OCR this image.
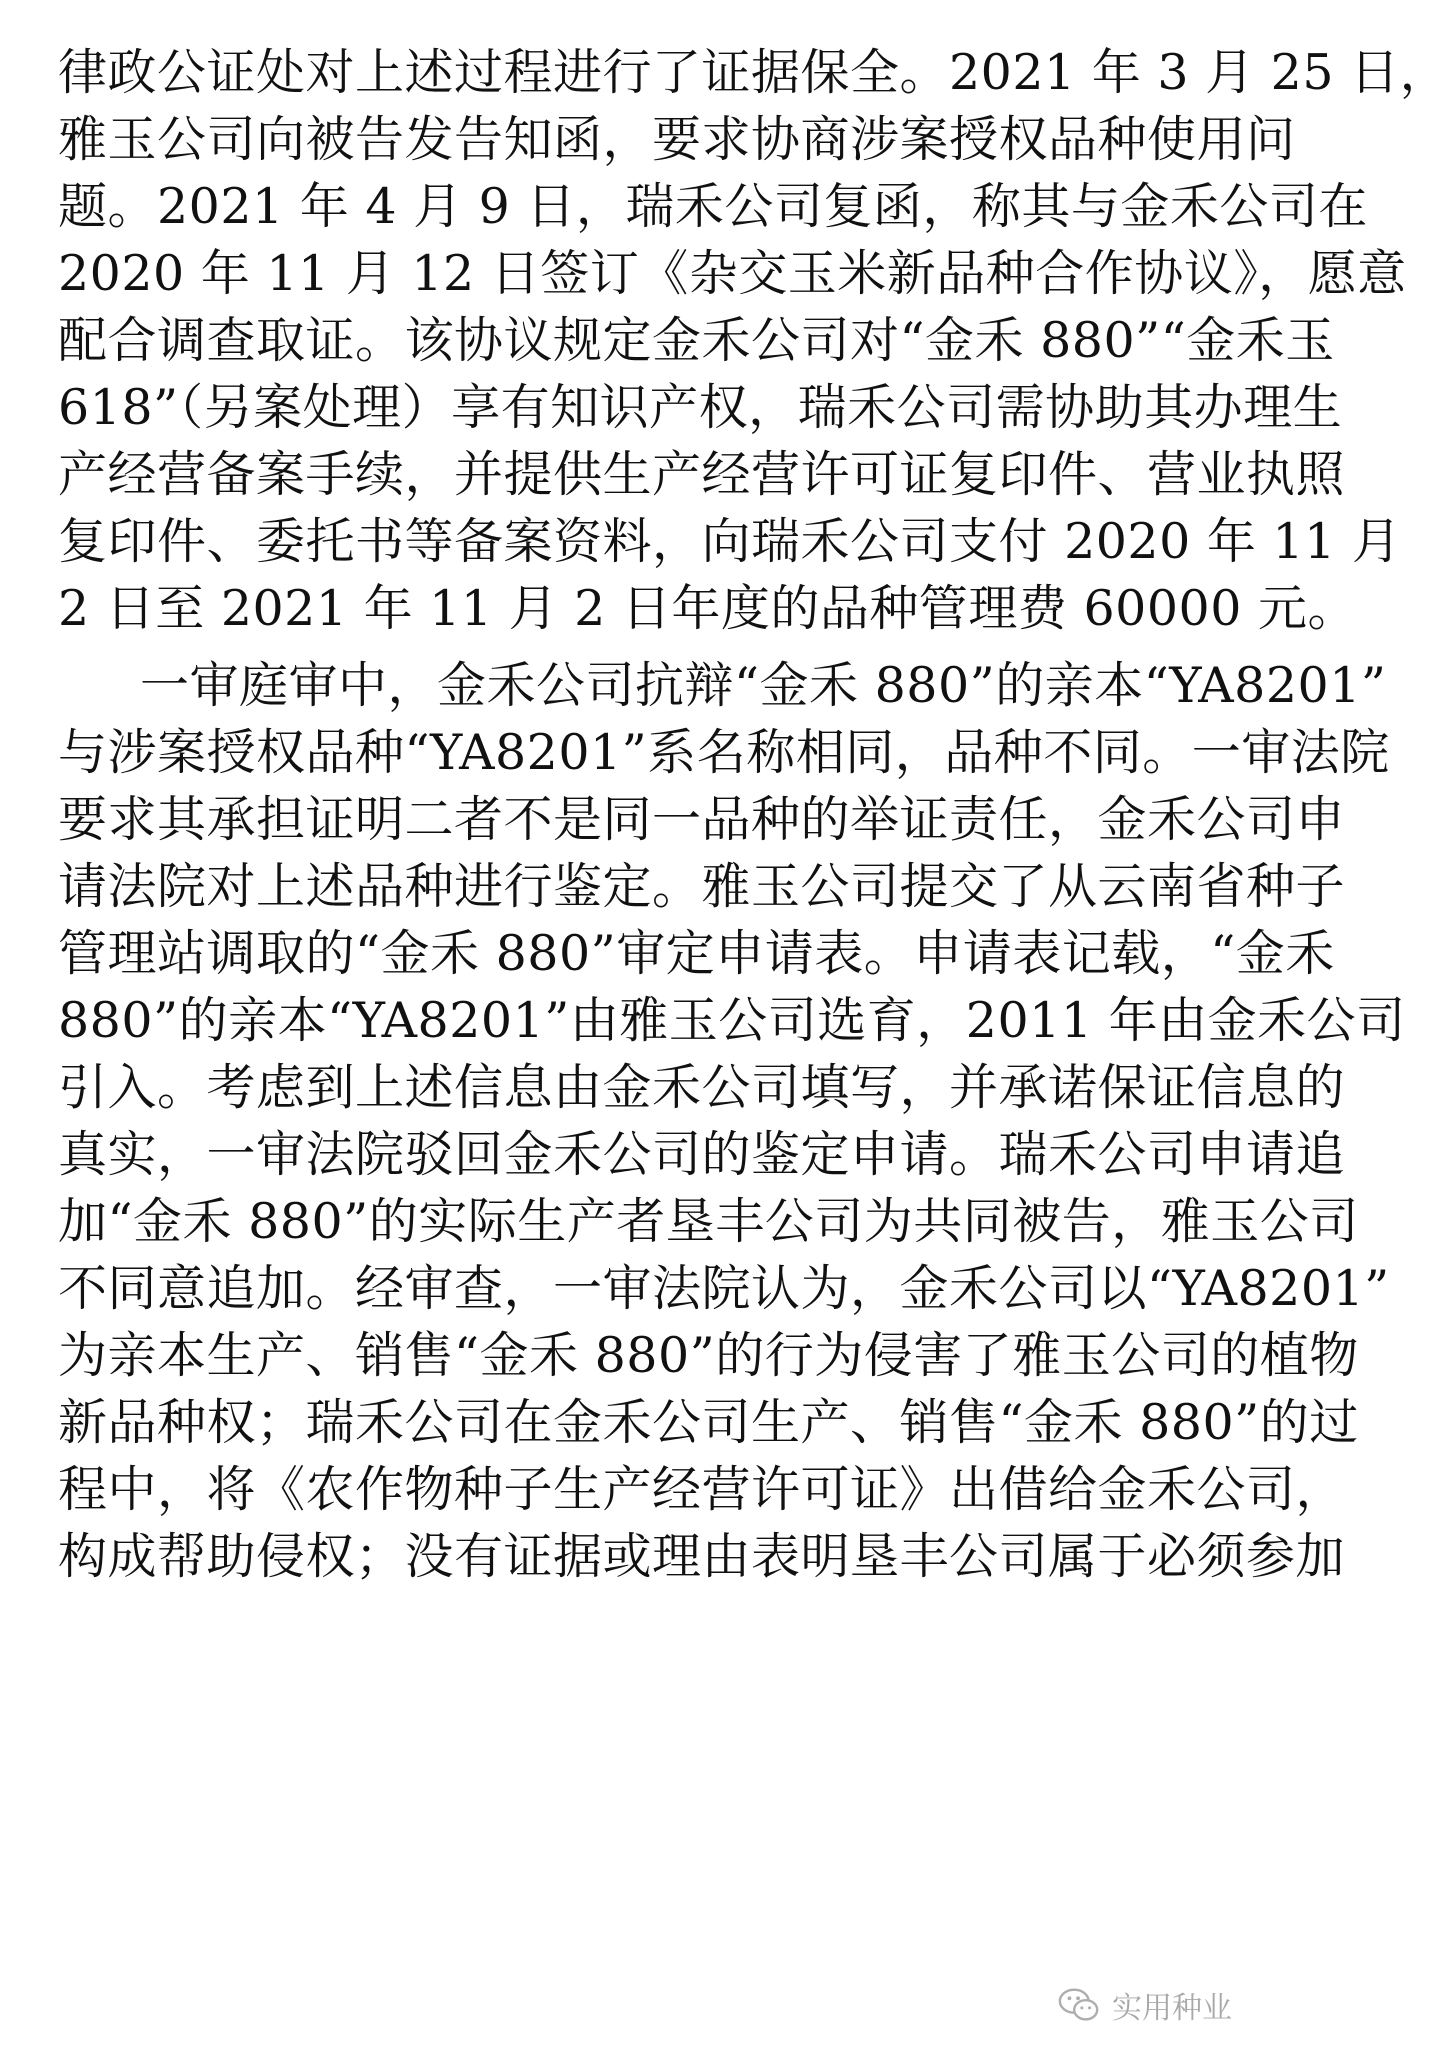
律政公证处对上述过程进行了证据保全。2021 年 3 月 25 日，
雅玉公司向被告发告知函，要求协商涉案授权品种使用问
题。2021 年 4 月 9 日，瑞禾公司复函，称其与金禾公司在
2020 年 11 月 12 日签订《杂交玉米新品种合作协议》，愿意
配合调查取证。该协议规定金禾公司对“金禾 880”“金禾玉
618”（另案处理）享有知识产权，瑞禾公司需协助其办理生
产经营备案手续，并提供生产经营许可证复印件、营业执照
复印件、委托书等备案资料，向瑞禾公司支付 2020 年 11 月
2 日至 2021 年 11 月 2 日年度的品种管理费 60000 元。
一审庭审中，金禾公司抗辩“金禾 880”的亲本“YA8201”
与涉案授权品种“YA8201”系名称相同，品种不同。一审法院
要求其承担证明二者不是同一品种的举证责任，金禾公司申
请法院对上述品种进行鉴定。雅玉公司提交了从云南省种子
管理站调取的“金禾 880”审定申请表。申请表记载，“金禾
880”的亲本“YA8201”由雅玉公司选育，2011 年由金禾公司
引入。考虑到上述信息由金禾公司填写，并承诺保证信息的
真实，一审法院驳回金禾公司的鉴定申请。瑞禾公司申请追
加“金禾 880”的实际生产者垦丰公司为共同被告，雅玉公司
不同意追加。经审查，一审法院认为，金禾公司以“YA8201”
为亲本生产、销售“金禾 880”的行为侵害了雅玉公司的植物
新品种权；瑞禾公司在金禾公司生产、销售“金禾 880”的过
程中，将《农作物种子生产经营许可证》出借给金禾公司，
构成帮助侵权；没有证据或理由表明垦丰公司属于必须参加
实用种业
